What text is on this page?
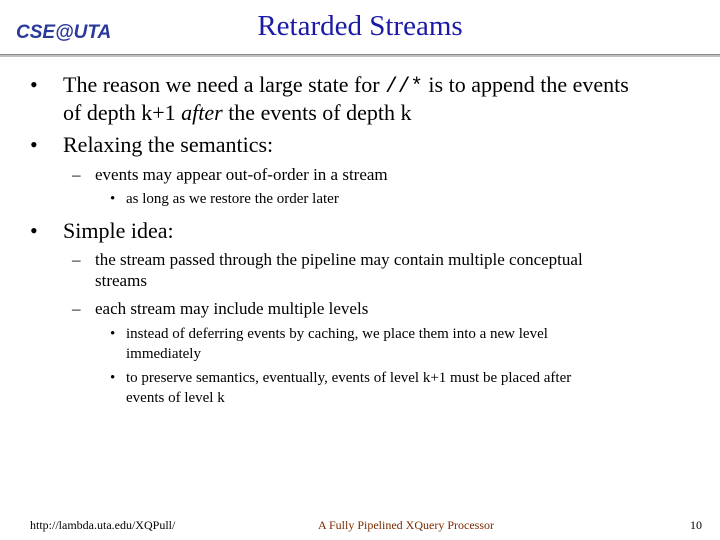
CSE@UTA	Retarded Streams
• The reason we need a large state for //* is to append the events
of depth k+1 after the events of depth k
• Relaxing the semantics:
– events may appear out-of-order in a stream
• as long as we restore the order later
• Simple idea:
– the stream passed through the pipeline may contain multiple conceptual
streams
– each stream may include multiple levels
• instead of deferring events by caching, we place them into a new level
immediately
• to preserve semantics, eventually, events of level k+1 must be placed after
events of level k
http://lambda.uta.edu/XQPull/	A Fully Pipelined XQuery Processor	10
